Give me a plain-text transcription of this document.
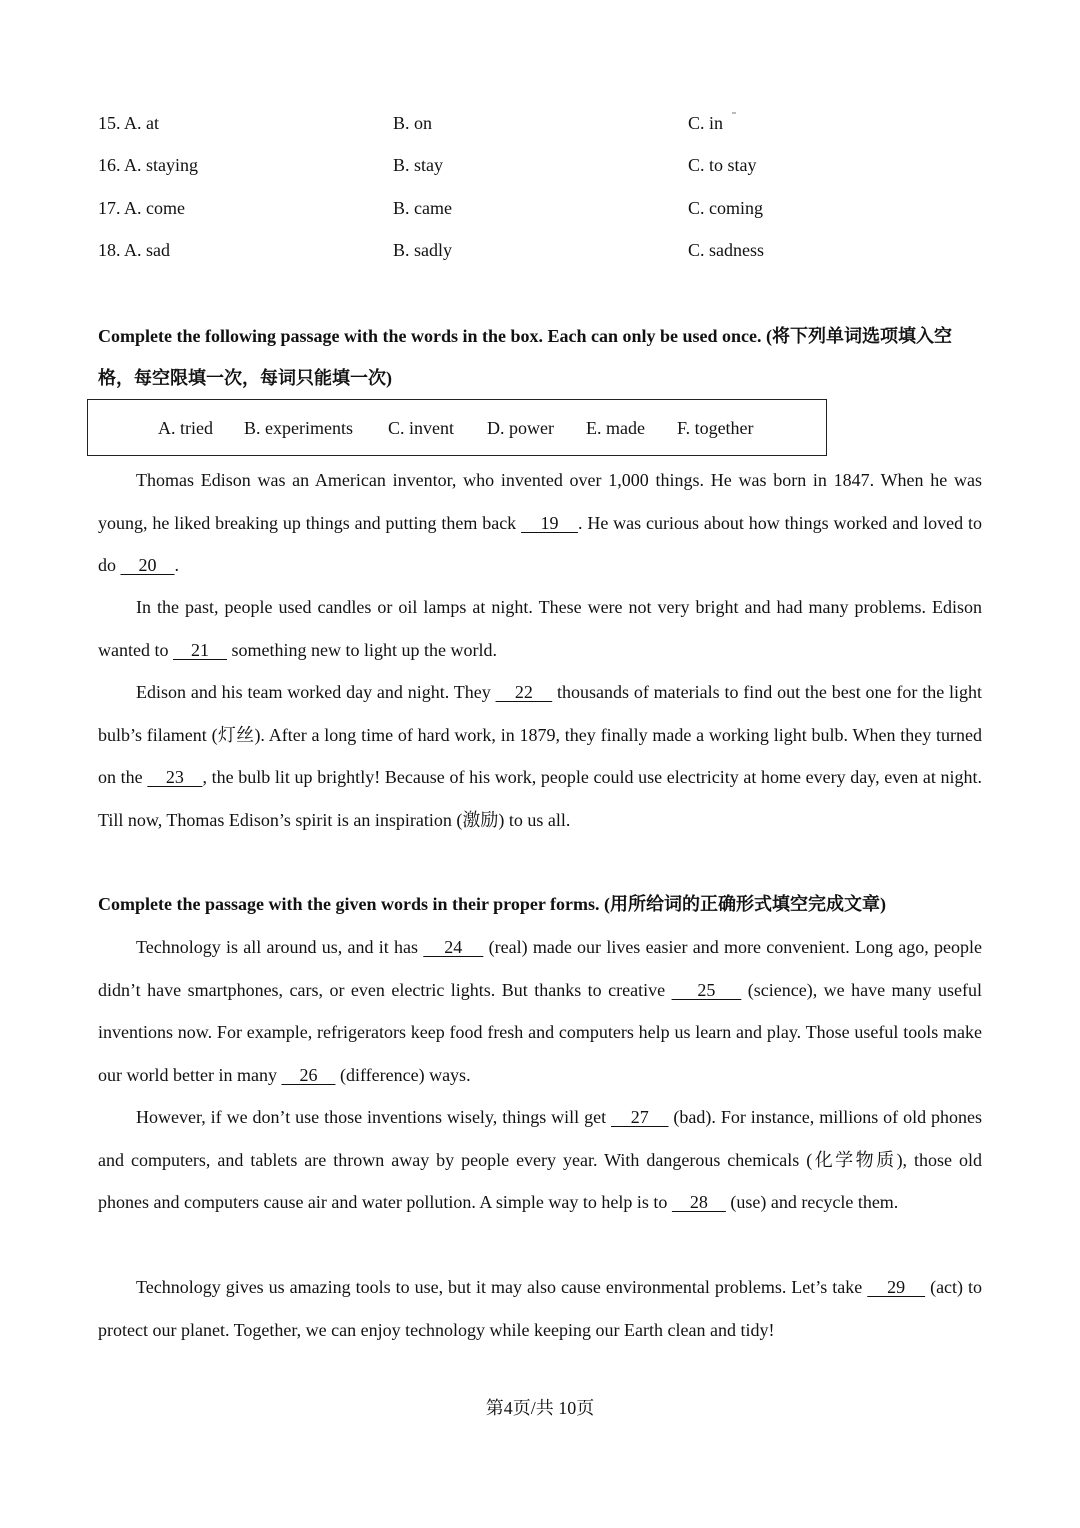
15. A. at	B. on	C. in
16. A. staying	B. stay	C. to stay
17. A. come	B. came	C. coming
18. A. sad	B. sadly	C. sadness
Complete the following passage with the words in the box. Each can only be used once. (将下列单词选项填入空格，每空限填一次，每词只能填一次)
A. tried B. experiments C. invent D. power E. made F. together

Thomas Edison was an American inventor, who invented over 1,000 things. He was born in 1847. When he was young, he liked breaking up things and putting them back     19    . He was curious about how things worked and loved to do     20    .

In the past, people used candles or oil lamps at night. These were not very bright and had many problems. Edison wanted to     21     something new to light up the world.

Edison and his team worked day and night. They     22     thousands of materials to find out the best one for the light bulb’s filament (灯丝). After a long time of hard work, in 1879, they finally made a working light bulb. When they turned on the     23    , the bulb lit up brightly! Because of his work, people could use electricity at home every day, even at night. Till now, Thomas Edison’s spirit is an inspiration (激励) to us all.

Complete the passage with the given words in their proper forms. (用所给词的正确形式填空完成文章)

Technology is all around us, and it has     24     (real) made our lives easier and more convenient. Long ago, people didn’t have smartphones, cars, or even electric lights. But thanks to creative     25     (science), we have many useful inventions now. For example, refrigerators keep food fresh and computers help us learn and play. Those useful tools make our world better in many     26     (difference) ways.

However, if we don’t use those inventions wisely, things will get     27     (bad). For instance, millions of old phones and computers, and tablets are thrown away by people every year. With dangerous chemicals (化学物质), those old phones and computers cause air and water pollution. A simple way to help is to     28     (use) and recycle them.

Technology gives us amazing tools to use, but it may also cause environmental problems. Let’s take     29     (act) to protect our planet. Together, we can enjoy technology while keeping our Earth clean and tidy!

第4页/共 10页
